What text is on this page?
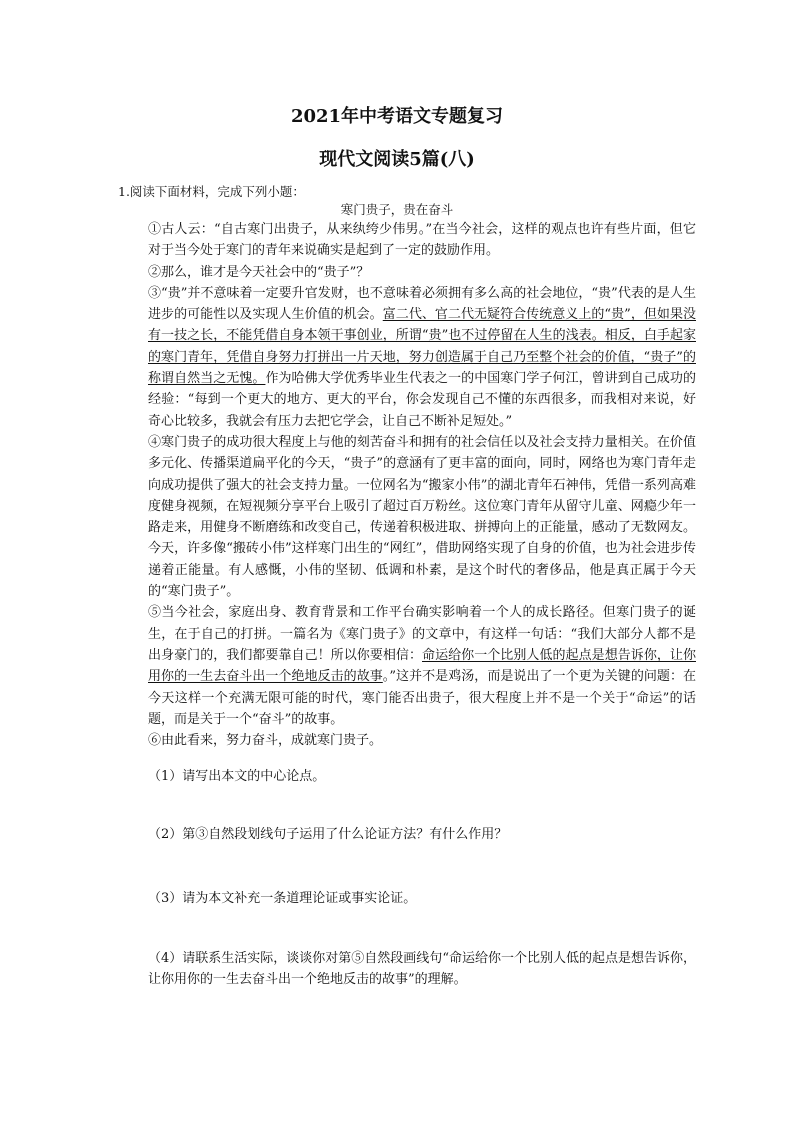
2021年中考语文专题复习
现代文阅读5篇(八)
1.阅读下面材料，完成下列小题：
寒门贵子，贵在奋斗

①古人云：“自古寒门出贵子，从来纨绔少伟男。”在当今社会，这样的观点也许有些片面，但它对于当今处于寒门的青年来说确实是起到了一定的鼓励作用。

②那么，谁才是今天社会中的“贵子”？

③“贵”并不意味着一定要升官发财，也不意味着必须拥有多么高的社会地位，“贵”代表的是人生进步的可能性以及实现人生价值的机会。富二代、官二代无疑符合传统意义上的“贵”，但如果没有一技之长，不能凭借自身本领干事创业，所谓“贵”也不过停留在人生的浅表。相反，白手起家的寒门青年，凭借自身努力打拼出一片天地，努力创造属于自己乃至整个社会的价值，“贵子”的称谓自然当之无愧。作为哈佛大学优秀毕业生代表之一的中国寒门学子何江，曾讲到自己成功的经验：“每到一个更大的地方、更大的平台，你会发现自己不懂的东西很多，而我相对来说，好奇心比较多，我就会有压力去把它学会，让自己不断补足短处。”

④寒门贵子的成功很大程度上与他的刻苦奋斗和拥有的社会信任以及社会支持力量相关。在价值多元化、传播渠道扁平化的今天，“贵子”的意涵有了更丰富的面向，同时，网络也为寒门青年走向成功提供了强大的社会支持力量。一位网名为“搬家小伟”的湖北青年石神伟，凭借一系列高难度健身视频，在短视频分享平台上吸引了超过百万粉丝。这位寒门青年从留守儿童、网瘾少年一路走来，用健身不断磨练和改变自己，传递着积极进取、拼搏向上的正能量，感动了无数网友。今天，许多像“搬砖小伟”这样寒门出生的“网红”，借助网络实现了自身的价值，也为社会进步传递着正能量。有人感慨，小伟的坚韧、低调和朴素，是这个时代的奢侈品，他是真正属于今天的“寒门贵子”。

⑤当今社会，家庭出身、教育背景和工作平台确实影响着一个人的成长路径。但寒门贵子的诞生，在于自己的打拼。一篇名为《寒门贵子》的文章中，有这样一句话：“我们大部分人都不是出身豪门的，我们都要靠自己！所以你要相信：命运给你一个比别人低的起点是想告诉你，让你用你的一生去奋斗出一个绝地反击的故事。”这并不是鸡汤，而是说出了一个更为关键的问题：在今天这样一个充满无限可能的时代，寒门能否出贵子，很大程度上并不是一个关于“命运”的话题，而是关于一个“奋斗”的故事。

⑥由此看来，努力奋斗，成就寒门贵子。

（1）请写出本文的中心论点。
（2）第③自然段划线句子运用了什么论证方法？有什么作用？
（3）请为本文补充一条道理论证或事实论证。
（4）请联系生活实际，谈谈你对第⑤自然段画线句“命运给你一个比别人低的起点是想告诉你，让你用你的一生去奋斗出一个绝地反击的故事”的理解。
